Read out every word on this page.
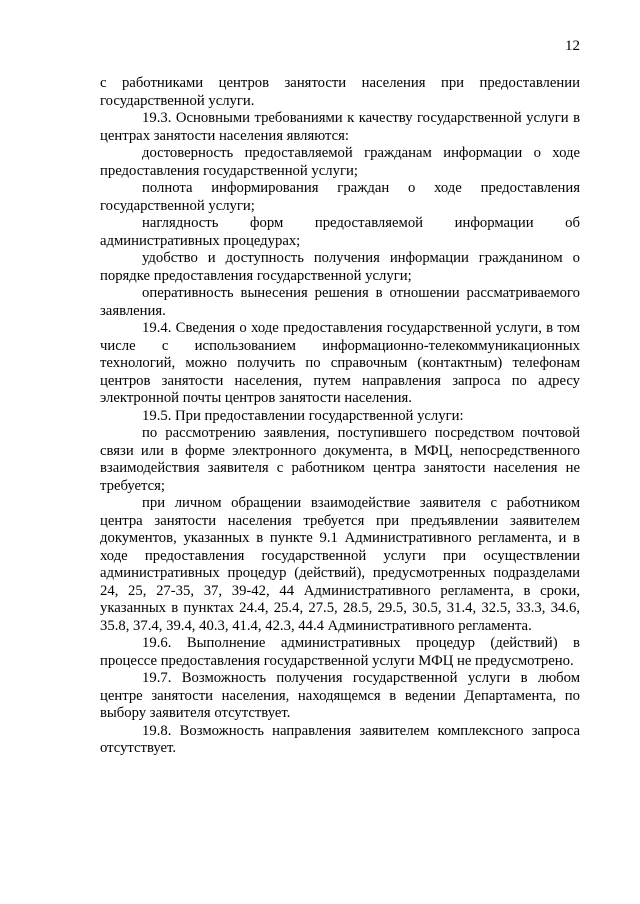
12

с работниками центров занятости населения при предоставлении государственной услуги.

19.3. Основными требованиями к качеству государственной услуги в центрах занятости населения являются:

достоверность предоставляемой гражданам информации о ходе предоставления государственной услуги;

полнота информирования граждан о ходе предоставления государственной услуги;

наглядность форм предоставляемой информации об административных процедурах;

удобство и доступность получения информации гражданином о порядке предоставления государственной услуги;

оперативность вынесения решения в отношении рассматриваемого заявления.

19.4. Сведения о ходе предоставления государственной услуги, в том числе с использованием информационно-телекоммуникационных технологий, можно получить по справочным (контактным) телефонам центров занятости населения, путем направления запроса по адресу электронной почты центров занятости населения.

19.5. При предоставлении государственной услуги:

по рассмотрению заявления, поступившего посредством почтовой связи или в форме электронного документа, в МФЦ, непосредственного взаимодействия заявителя с работником центра занятости населения не требуется;

при личном обращении взаимодействие заявителя с работником центра занятости населения требуется при предъявлении заявителем документов, указанных в пункте 9.1 Административного регламента, и в ходе предоставления государственной услуги при осуществлении административных процедур (действий), предусмотренных подразделами 24, 25, 27-35, 37, 39-42, 44 Административного регламента, в сроки, указанных в пунктах 24.4, 25.4, 27.5, 28.5, 29.5, 30.5, 31.4, 32.5, 33.3, 34.6, 35.8, 37.4, 39.4, 40.3, 41.4, 42.3, 44.4 Административного регламента.

19.6. Выполнение административных процедур (действий) в процессе предоставления государственной услуги МФЦ не предусмотрено.

19.7. Возможность получения государственной услуги в любом центре занятости населения, находящемся в ведении Департамента, по выбору заявителя отсутствует.

19.8. Возможность направления заявителем комплексного запроса отсутствует.
